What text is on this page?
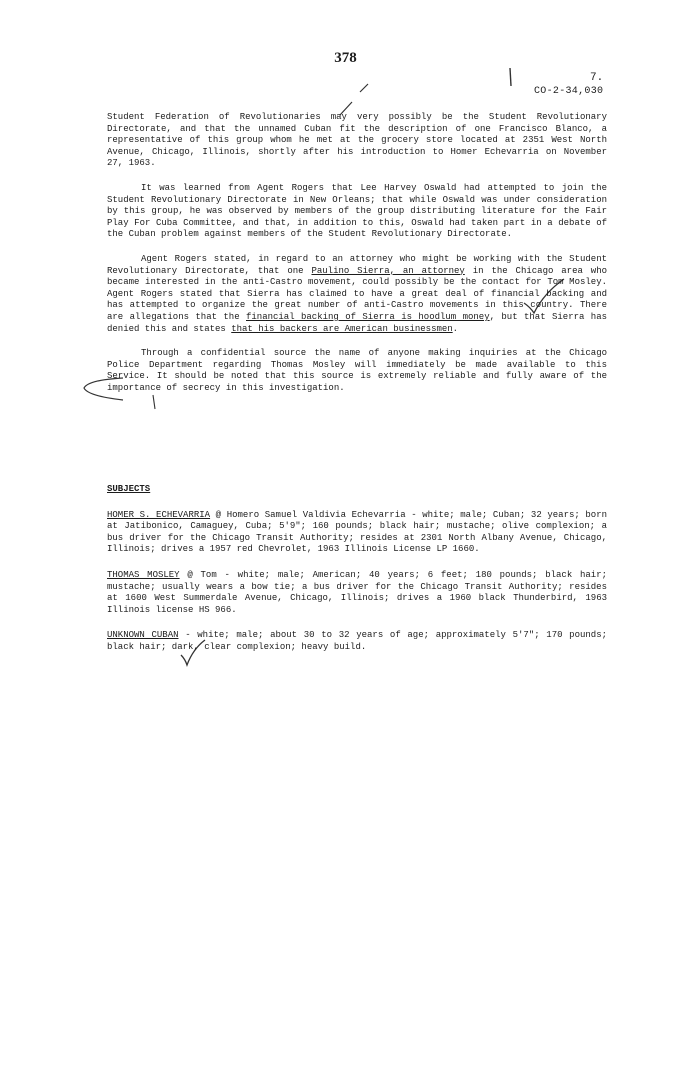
378
7.
CO-2-34,030

Student Federation of Revolutionaries may very possibly be the Student Revolutionary Directorate, and that the unnamed Cuban fit the description of one Francisco Blanco, a representative of this group whom he met at the grocery store located at 2351 West North Avenue, Chicago, Illinois, shortly after his introduction to Homer Echevarria on November 27, 1963.

It was learned from Agent Rogers that Lee Harvey Oswald had attempted to join the Student Revolutionary Directorate in New Orleans; that while Oswald was under consideration by this group, he was observed by members of the group distributing literature for the Fair Play For Cuba Committee, and that, in addition to this, Oswald had taken part in a debate of the Cuban problem against members of the Student Revolutionary Directorate.

Agent Rogers stated, in regard to an attorney who might be working with the Student Revolutionary Directorate, that one Paulino Sierra, an attorney in the Chicago area who became interested in the anti-Castro movement, could possibly be the contact for Tom Mosley. Agent Rogers stated that Sierra has claimed to have a great deal of financial backing and has attempted to organize the great number of anti-Castro movements in this country. There are allegations that the financial backing of Sierra is hoodlum money, but that Sierra has denied this and states that his backers are American businessmen.

Through a confidential source the name of anyone making inquiries at the Chicago Police Department regarding Thomas Mosley will immediately be made available to this Service. It should be noted that this source is extremely reliable and fully aware of the importance of secrecy in this investigation.

SUBJECTS

HOMER S. ECHEVARRIA @ Homero Samuel Valdivia Echevarria - white; male; Cuban; 32 years; born at Jatibonico, Camaguey, Cuba; 5'9"; 160 pounds; black hair; mustache; olive complexion; a bus driver for the Chicago Transit Authority; resides at 2301 North Albany Avenue, Chicago, Illinois; drives a 1957 red Chevrolet, 1963 Illinois License LP 1660.

THOMAS MOSLEY @ Tom - white; male; American; 40 years; 6 feet; 180 pounds; black hair; mustache; usually wears a bow tie; a bus driver for the Chicago Transit Authority; resides at 1600 West Summerdale Avenue, Chicago, Illinois; drives a 1960 black Thunderbird, 1963 Illinois license HS 966.

UNKNOWN CUBAN - white; male; about 30 to 32 years of age; approximately 5'7"; 170 pounds; black hair; dark, clear complexion; heavy build.
